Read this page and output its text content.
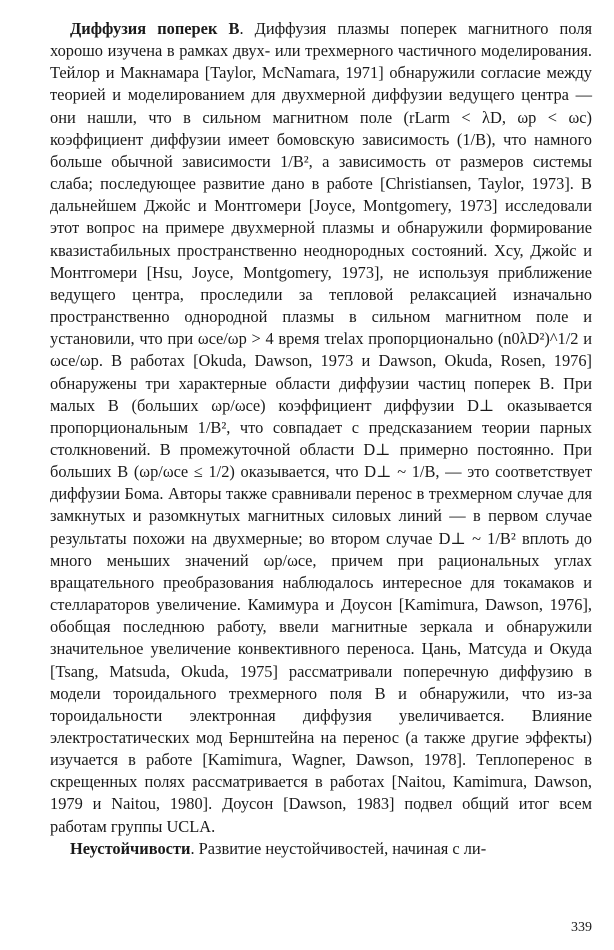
Диффузия поперек B. Диффузия плазмы поперек магнитного поля хорошо изучена в рамках двух- или трехмерного частичного моделирования. Тейлор и Макнамара [Taylor, McNamara, 1971] обнаружили согласие между теорией и моделированием для двухмерной диффузии ведущего центра — они нашли, что в сильном магнитном поле (rLarm < λD, ωp < ωc) коэффициент диффузии имеет бомовскую зависимость (1/B), что намного больше обычной зависимости 1/B², а зависимость от размеров системы слаба; последующее развитие дано в работе [Christiansen, Taylor, 1973]. В дальнейшем Джойс и Монтгомери [Joyce, Montgomery, 1973] исследовали этот вопрос на примере двухмерной плазмы и обнаружили формирование квазистабильных пространственно неоднородных состояний. Хсу, Джойс и Монтгомери [Hsu, Joyce, Montgomery, 1973], не используя приближение ведущего центра, проследили за тепловой релаксацией изначально пространственно однородной плазмы в сильном магнитном поле и установили, что при ωce/ωp > 4 время τrelax пропорционально (n0λD²)^1/2 и ωce/ωp. В работах [Okuda, Dawson, 1973 и Dawson, Okuda, Rosen, 1976] обнаружены три характерные области диффузии частиц поперек B. При малых B (больших ωp/ωce) коэффициент диффузии D⊥ оказывается пропорциональным 1/B², что совпадает с предсказанием теории парных столкновений. В промежуточной области D⊥ примерно постоянно. При больших B (ωp/ωce ≤ 1/2) оказывается, что D⊥ ~ 1/B, — это соответствует диффузии Бома. Авторы также сравнивали перенос в трехмерном случае для замкнутых и разомкнутых магнитных силовых линий — в первом случае результаты похожи на двухмерные; во втором случае D⊥ ~ 1/B² вплоть до много меньших значений ωp/ωce, причем при рациональных углах вращательного преобразования наблюдалось интересное для токамаков и стеллараторов увеличение. Камимура и Доусон [Kamimura, Dawson, 1976], обобщая последнюю работу, ввели магнитные зеркала и обнаружили значительное увеличение конвективного переноса. Цань, Матсуда и Окуда [Tsang, Matsuda, Okuda, 1975] рассматривали поперечную диффузию в модели тороидального трехмерного поля B и обнаружили, что из-за тороидальности электронная диффузия увеличивается. Влияние электростатических мод Бернштейна на перенос (а также другие эффекты) изучается в работе [Kamimura, Wagner, Dawson, 1978]. Теплоперенос в скрещенных полях рассматривается в работах [Naitou, Kamimura, Dawson, 1979 и Naitou, 1980]. Доусон [Dawson, 1983] подвел общий итог всем работам группы UCLA.

Неустойчивости. Развитие неустойчивостей, начиная с ли-

339
